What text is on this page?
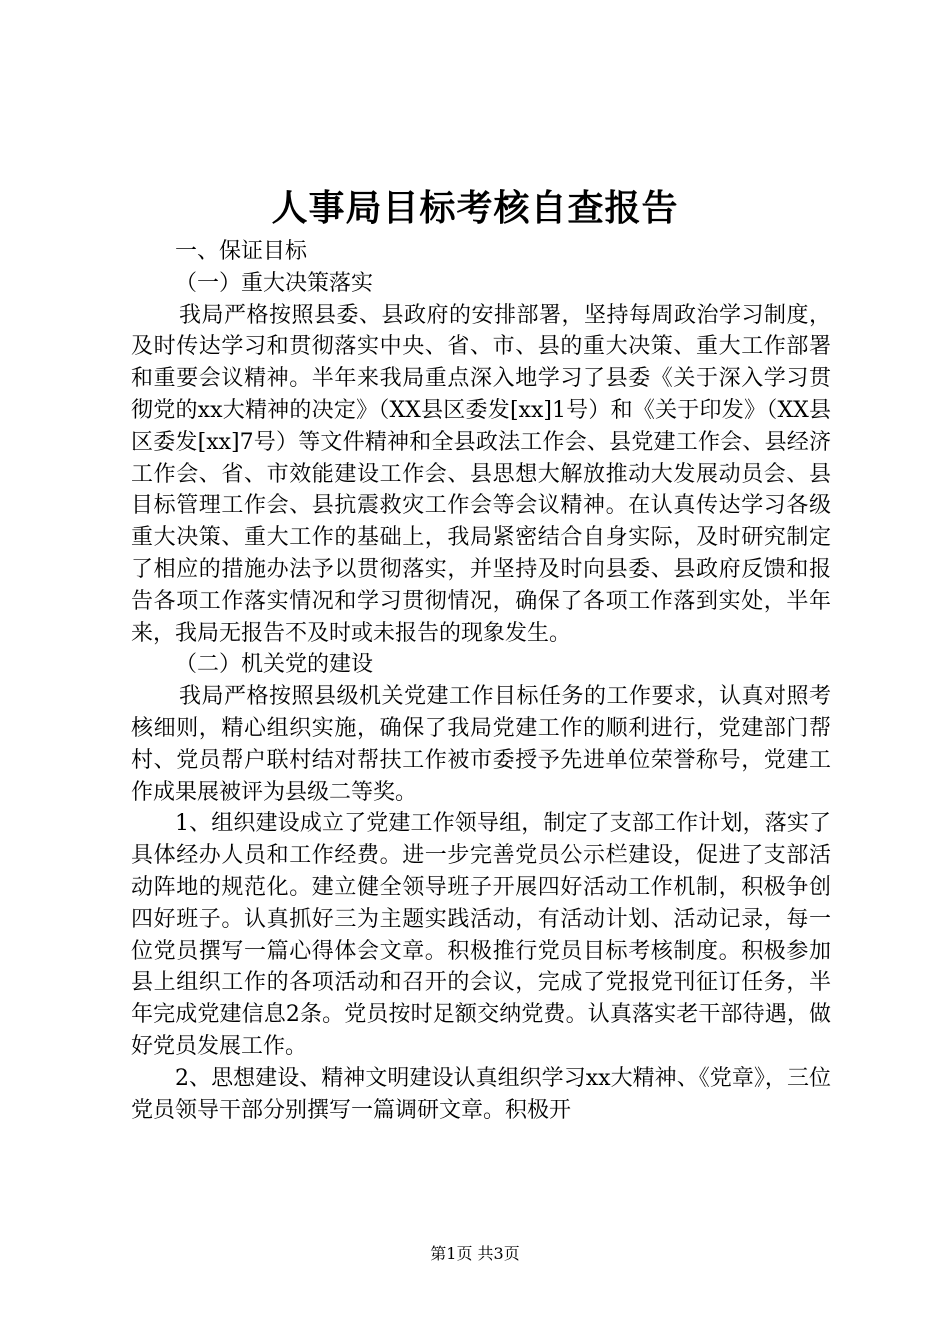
人事局目标考核自查报告

一、保证目标

（一）重大决策落实

我局严格按照县委、县政府的安排部署，坚持每周政治学习制度，及时传达学习和贯彻落实中央、省、市、县的重大决策、重大工作部署和重要会议精神。半年来我局重点深入地学习了县委《关于深入学习贯彻党的xx大精神的决定》（XX县区委发[xx]1号）和《关于印发》（XX县区委发[xx]7号）等文件精神和全县政法工作会、县党建工作会、县经济工作会、省、市效能建设工作会、县思想大解放推动大发展动员会、县目标管理工作会、县抗震救灾工作会等会议精神。在认真传达学习各级重大决策、重大工作的基础上，我局紧密结合自身实际，及时研究制定了相应的措施办法予以贯彻落实，并坚持及时向县委、县政府反馈和报告各项工作落实情况和学习贯彻情况，确保了各项工作落到实处，半年来，我局无报告不及时或未报告的现象发生。

（二）机关党的建设

我局严格按照县级机关党建工作目标任务的工作要求，认真对照考核细则，精心组织实施，确保了我局党建工作的顺利进行，党建部门帮村、党员帮户联村结对帮扶工作被市委授予先进单位荣誉称号，党建工作成果展被评为县级二等奖。

1、组织建设成立了党建工作领导组，制定了支部工作计划，落实了具体经办人员和工作经费。进一步完善党员公示栏建设，促进了支部活动阵地的规范化。建立健全领导班子开展四好活动工作机制，积极争创四好班子。认真抓好三为主题实践活动，有活动计划、活动记录，每一位党员撰写一篇心得体会文章。积极推行党员目标考核制度。积极参加县上组织工作的各项活动和召开的会议，完成了党报党刊征订任务，半年完成党建信息2条。党员按时足额交纳党费。认真落实老干部待遇，做好党员发展工作。

2、思想建设、精神文明建设认真组织学习xx大精神、《党章》，三位党员领导干部分别撰写一篇调研文章。积极开

第1页 共3页
